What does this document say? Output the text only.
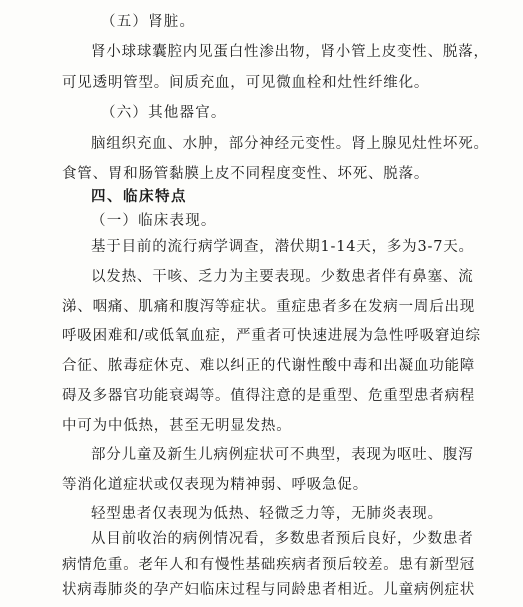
（五）肾脏。
肾小球球囊腔内见蛋白性渗出物，肾小管上皮变性、脱落，
可见透明管型。间质充血，可见微血栓和灶性纤维化。
（六）其他器官。
脑组织充血、水肿，部分神经元变性。肾上腺见灶性坏死。
食管、胃和肠管黏膜上皮不同程度变性、坏死、脱落。
四、临床特点
（一）临床表现。
基于目前的流行病学调查，潜伏期1-14天，多为3-7天。
以发热、干咳、乏力为主要表现。少数患者伴有鼻塞、流
涕、咽痛、肌痛和腹泻等症状。重症患者多在发病一周后出现
呼吸困难和/或低氧血症，严重者可快速进展为急性呼吸窘迫综
合征、脓毒症休克、难以纠正的代谢性酸中毒和出凝血功能障
碍及多器官功能衰竭等。值得注意的是重型、危重型患者病程
中可为中低热，甚至无明显发热。
部分儿童及新生儿病例症状可不典型，表现为呕吐、腹泻
等消化道症状或仅表现为精神弱、呼吸急促。
轻型患者仅表现为低热、轻微乏力等，无肺炎表现。
从目前收治的病例情况看，多数患者预后良好，少数患者
病情危重。老年人和有慢性基础疾病者预后较差。患有新型冠
状病毒肺炎的孕产妇临床过程与同龄患者相近。儿童病例症状
